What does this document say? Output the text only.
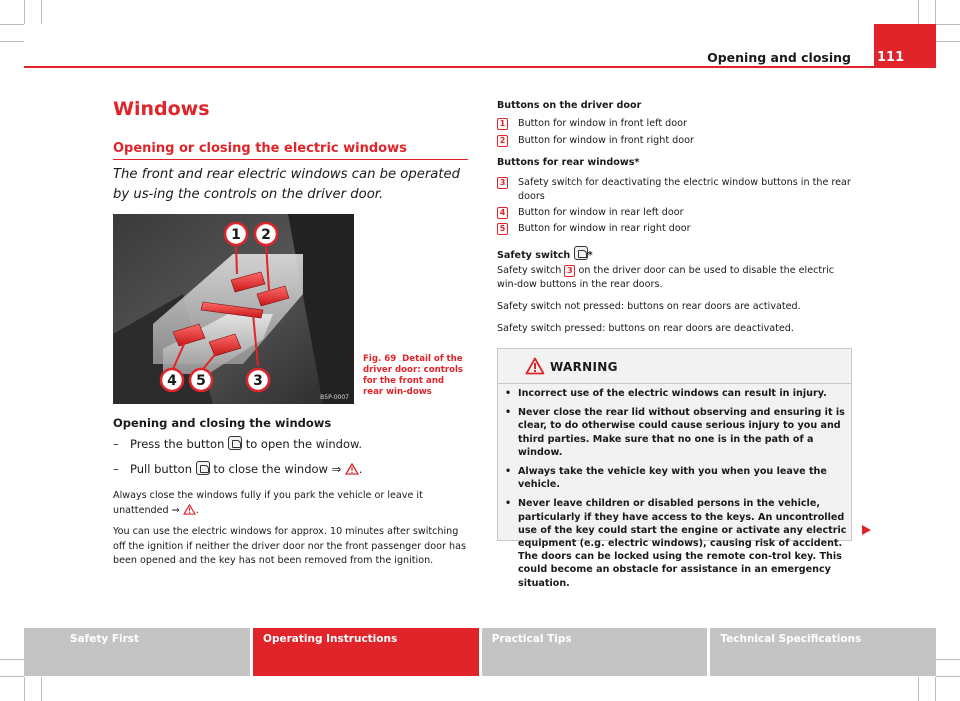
Opening and closing 111
Windows
Opening or closing the electric windows
The front and rear electric windows can be operated by us-ing the controls on the driver door.
1 2
3
4 5
B5P-0007
Fig. 69 Detail of the driver door: controls for the front and rear win-dows
Opening and closing the windows
– Press the button to open the window.
– Pull button to close the window ⇒ .
Always close the windows fully if you park the vehicle or leave it unattended ⇒ .
You can use the electric windows for approx. 10 minutes after switching off the ignition if neither the driver door nor the front passenger door has been opened and the key has not been removed from the ignition.
Buttons on the driver door
1	Button for window in front left door
2	Button for window in front right door
Buttons for rear windows*
3	Safety switch for deactivating the electric window buttons in the rear doors
4	Button for window in rear left door
5	Button for window in rear right door
Safety switch *
Safety switch 3 on the driver door can be used to disable the electric win-dow buttons in the rear doors.
Safety switch not pressed: buttons on rear doors are activated.
Safety switch pressed: buttons on rear doors are deactivated.
WARNING
• Incorrect use of the electric windows can result in injury.
• Never close the rear lid without observing and ensuring it is clear, to do otherwise could cause serious injury to you and third parties. Make sure that no one is in the path of a window.
• Always take the vehicle key with you when you leave the vehicle.
• Never leave children or disabled persons in the vehicle, particularly if they have access to the keys. An uncontrolled use of the key could start the engine or activate any electric equipment (e.g. electric windows), causing risk of accident. The doors can be locked using the remote con-trol key. This could become an obstacle for assistance in an emergency situation.
Safety First	Operating Instructions	Practical Tips	Technical Specifications
